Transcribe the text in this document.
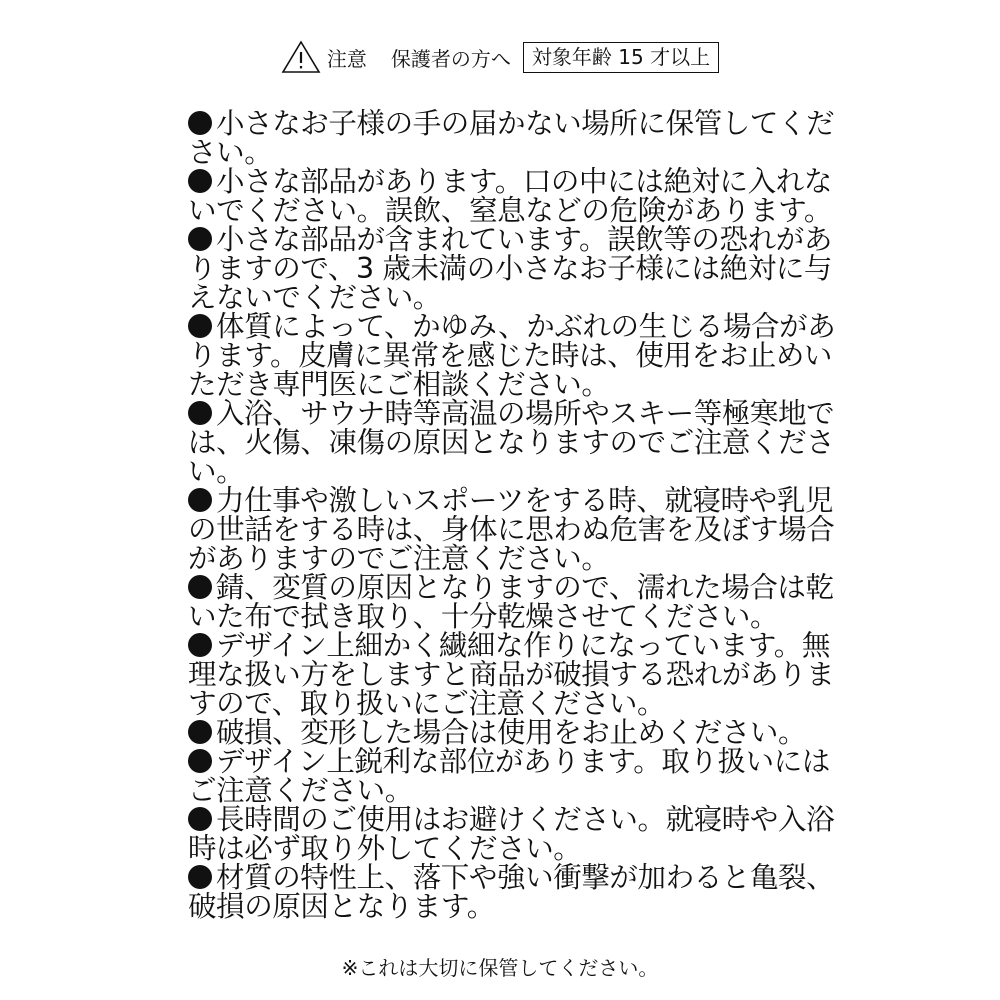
注意 保護者の方へ	対象年齢 15 才以上
小さなお子様の手の届かない場所に保管してください。
小さな部品があります。口の中には絶対に入れないでください。誤飲、窒息などの危険があります。
小さな部品が含まれています。誤飲等の恐れがありますので、3 歳未満の小さなお子様には絶対に与えないでください。
体質によって、かゆみ、かぶれの生じる場合があります。皮膚に異常を感じた時は、使用をお止めいただき専門医にご相談ください。
入浴、サウナ時等高温の場所やスキー等極寒地では、火傷、凍傷の原因となりますのでご注意ください。
力仕事や激しいスポーツをする時、就寝時や乳児の世話をする時は、身体に思わぬ危害を及ぼす場合がありますのでご注意ください。
錆、変質の原因となりますので、濡れた場合は乾いた布で拭き取り、十分乾燥させてください。
デザイン上細かく繊細な作りになっています。無理な扱い方をしますと商品が破損する恐れがありますので、取り扱いにご注意ください。
破損、変形した場合は使用をお止めください。
デザイン上鋭利な部位があります。取り扱いにはご注意ください。
長時間のご使用はお避けください。就寝時や入浴時は必ず取り外してください。
材質の特性上、落下や強い衝撃が加わると亀裂、破損の原因となります。
※これは大切に保管してください。
